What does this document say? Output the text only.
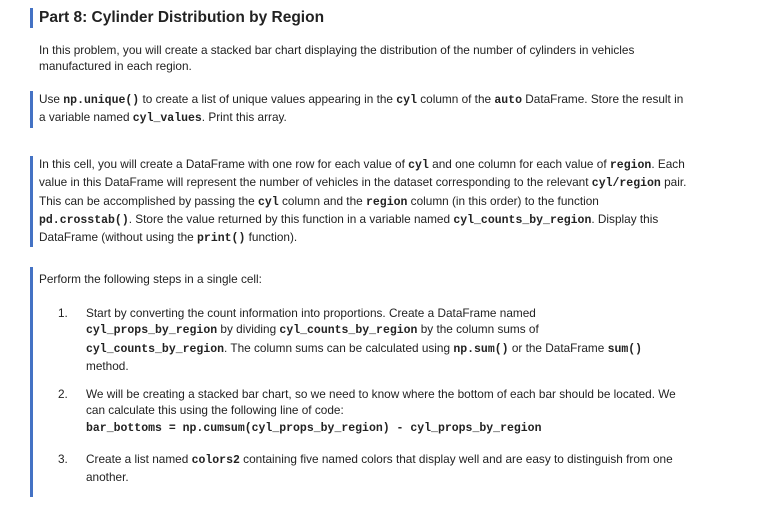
Part 8: Cylinder Distribution by Region
In this problem, you will create a stacked bar chart displaying the distribution of the number of cylinders in vehicles manufactured in each region.
Use np.unique() to create a list of unique values appearing in the cyl column of the auto DataFrame. Store the result in a variable named cyl_values. Print this array.
In this cell, you will create a DataFrame with one row for each value of cyl and one column for each value of region. Each value in this DataFrame will represent the number of vehicles in the dataset corresponding to the relevant cyl/region pair. This can be accomplished by passing the cyl column and the region column (in this order) to the function pd.crosstab(). Store the value returned by this function in a variable named cyl_counts_by_region. Display this DataFrame (without using the print() function).
Perform the following steps in a single cell:
1. Start by converting the count information into proportions. Create a DataFrame named
cyl_props_by_region by dividing cyl_counts_by_region by the column sums of
cyl_counts_by_region. The column sums can be calculated using np.sum() or the DataFrame sum()
method.
2. We will be creating a stacked bar chart, so we need to know where the bottom of each bar should be located. We can calculate this using the following line of code:
bar_bottoms = np.cumsum(cyl_props_by_region) - cyl_props_by_region
3. Create a list named colors2 containing five named colors that display well and are easy to distinguish from one another.
